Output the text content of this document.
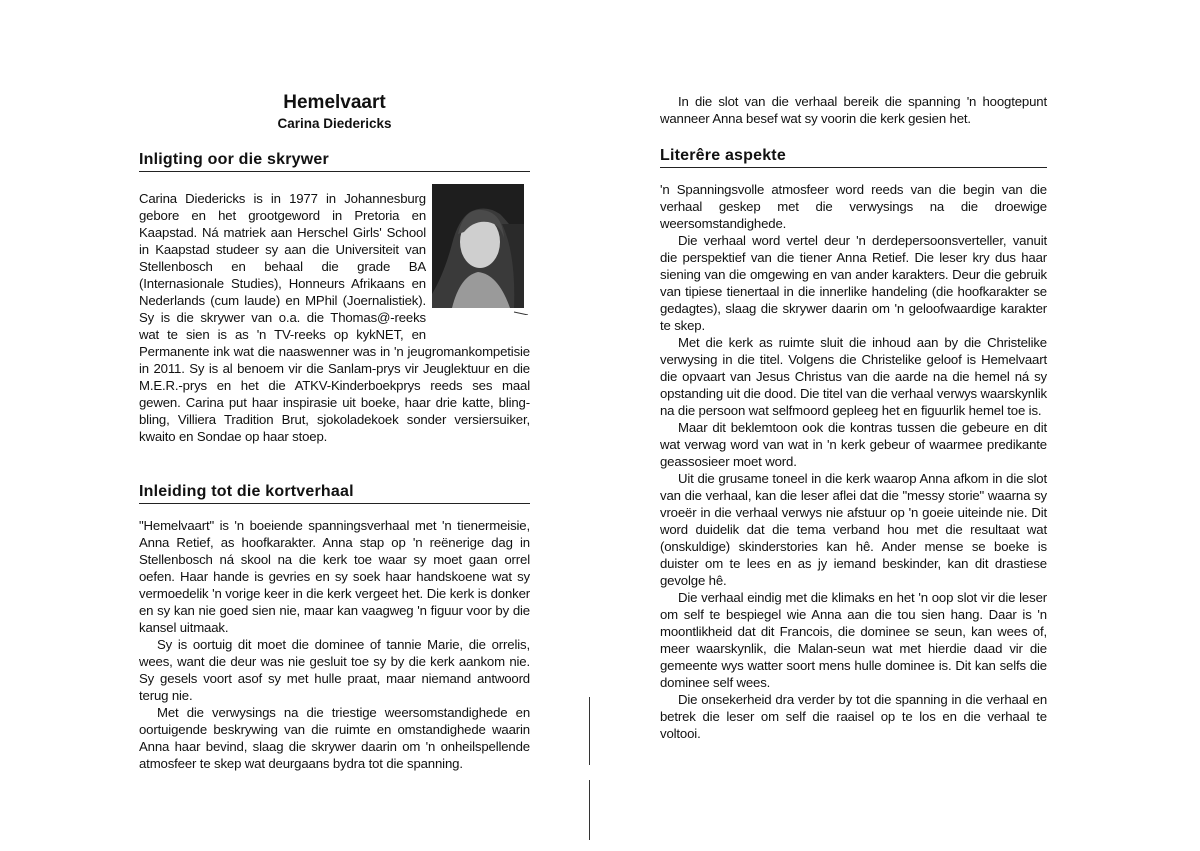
Hemelvaart
Carina Diedericks
Inligting oor die skrywer

Carina Diedericks is in 1977 in Johannesburg gebore en het grootgeword in Pretoria en Kaapstad. Ná matriek aan Herschel Girls' School in Kaapstad studeer sy aan die Universiteit van Stellenbosch en behaal die grade BA (Internasionale Studies), Honneurs Afrikaans en Nederlands (cum laude) en MPhil (Joernalistiek). Sy is die skrywer van o.a. die Thomas@-reeks wat te sien is as 'n TV-reeks op kykNET, en Permanente ink wat die naaswenner was in 'n jeugromankompetisie in 2011. Sy is al benoem vir die Sanlam-prys vir Jeuglektuur en die M.E.R.-prys en het die ATKV-Kinderboekprys reeds ses maal gewen. Carina put haar inspirasie uit boeke, haar drie katte, bling-bling, Villiera Tradition Brut, sjokoladekoek sonder versiersuiker, kwaito en Sondae op haar stoep.
Inleiding tot die kortverhaal

"Hemelvaart" is 'n boeiende spanningsverhaal met 'n tienermeisie, Anna Retief, as hoofkarakter. Anna stap op 'n reënerige dag in Stellenbosch ná skool na die kerk toe waar sy moet gaan orrel oefen. Haar hande is gevries en sy soek haar handskoene wat sy vermoedelik 'n vorige keer in die kerk vergeet het. Die kerk is donker en sy kan nie goed sien nie, maar kan vaagweg 'n figuur voor by die kansel uitmaak.

Sy is oortuig dit moet die dominee of tannie Marie, die orrelis, wees, want die deur was nie gesluit toe sy by die kerk aankom nie. Sy gesels voort asof sy met hulle praat, maar niemand antwoord terug nie.

Met die verwysings na die triestige weersomstandighede en oortuigende beskrywing van die ruimte en omstandighede waarin Anna haar bevind, slaag die skrywer daarin om 'n onheilspellende atmosfeer te skep wat deurgaans bydra tot die spanning.

In die slot van die verhaal bereik die spanning 'n hoogtepunt wanneer Anna besef wat sy voorin die kerk gesien het.
Literêre aspekte

'n Spanningsvolle atmosfeer word reeds van die begin van die verhaal geskep met die verwysings na die droewige weersomstandighede.

Die verhaal word vertel deur 'n derdepersoonsverteller, vanuit die perspektief van die tiener Anna Retief. Die leser kry dus haar siening van die omgewing en van ander karakters. Deur die gebruik van tipiese tienertaal in die innerlike handeling (die hoofkarakter se gedagtes), slaag die skrywer daarin om 'n geloofwaardige karakter te skep.

Met die kerk as ruimte sluit die inhoud aan by die Christelike verwysing in die titel. Volgens die Christelike geloof is Hemelvaart die opvaart van Jesus Christus van die aarde na die hemel ná sy opstanding uit die dood. Die titel van die verhaal verwys waarskynlik na die persoon wat selfmoord gepleeg het en figuurlik hemel toe is.

Maar dit beklemtoon ook die kontras tussen die gebeure en dit wat verwag word van wat in 'n kerk gebeur of waarmee predikante geassosieer moet word.

Uit die grusame toneel in die kerk waarop Anna afkom in die slot van die verhaal, kan die leser aflei dat die "messy storie" waarna sy vroeër in die verhaal verwys nie afstuur op 'n goeie uiteinde nie. Dit word duidelik dat die tema verband hou met die resultaat wat (onskuldige) skinderstories kan hê. Ander mense se boeke is duister om te lees en as jy iemand beskinder, kan dit drastiese gevolge hê.

Die verhaal eindig met die klimaks en het 'n oop slot vir die leser om self te bespiegel wie Anna aan die tou sien hang. Daar is 'n moontlikheid dat dit Francois, die dominee se seun, kan wees of, meer waarskynlik, die Malan-seun wat met hierdie daad vir die gemeente wys watter soort mens hulle dominee is. Dit kan selfs die dominee self wees.

Die onsekerheid dra verder by tot die spanning in die verhaal en betrek die leser om self die raaisel op te los en die verhaal te voltooi.
